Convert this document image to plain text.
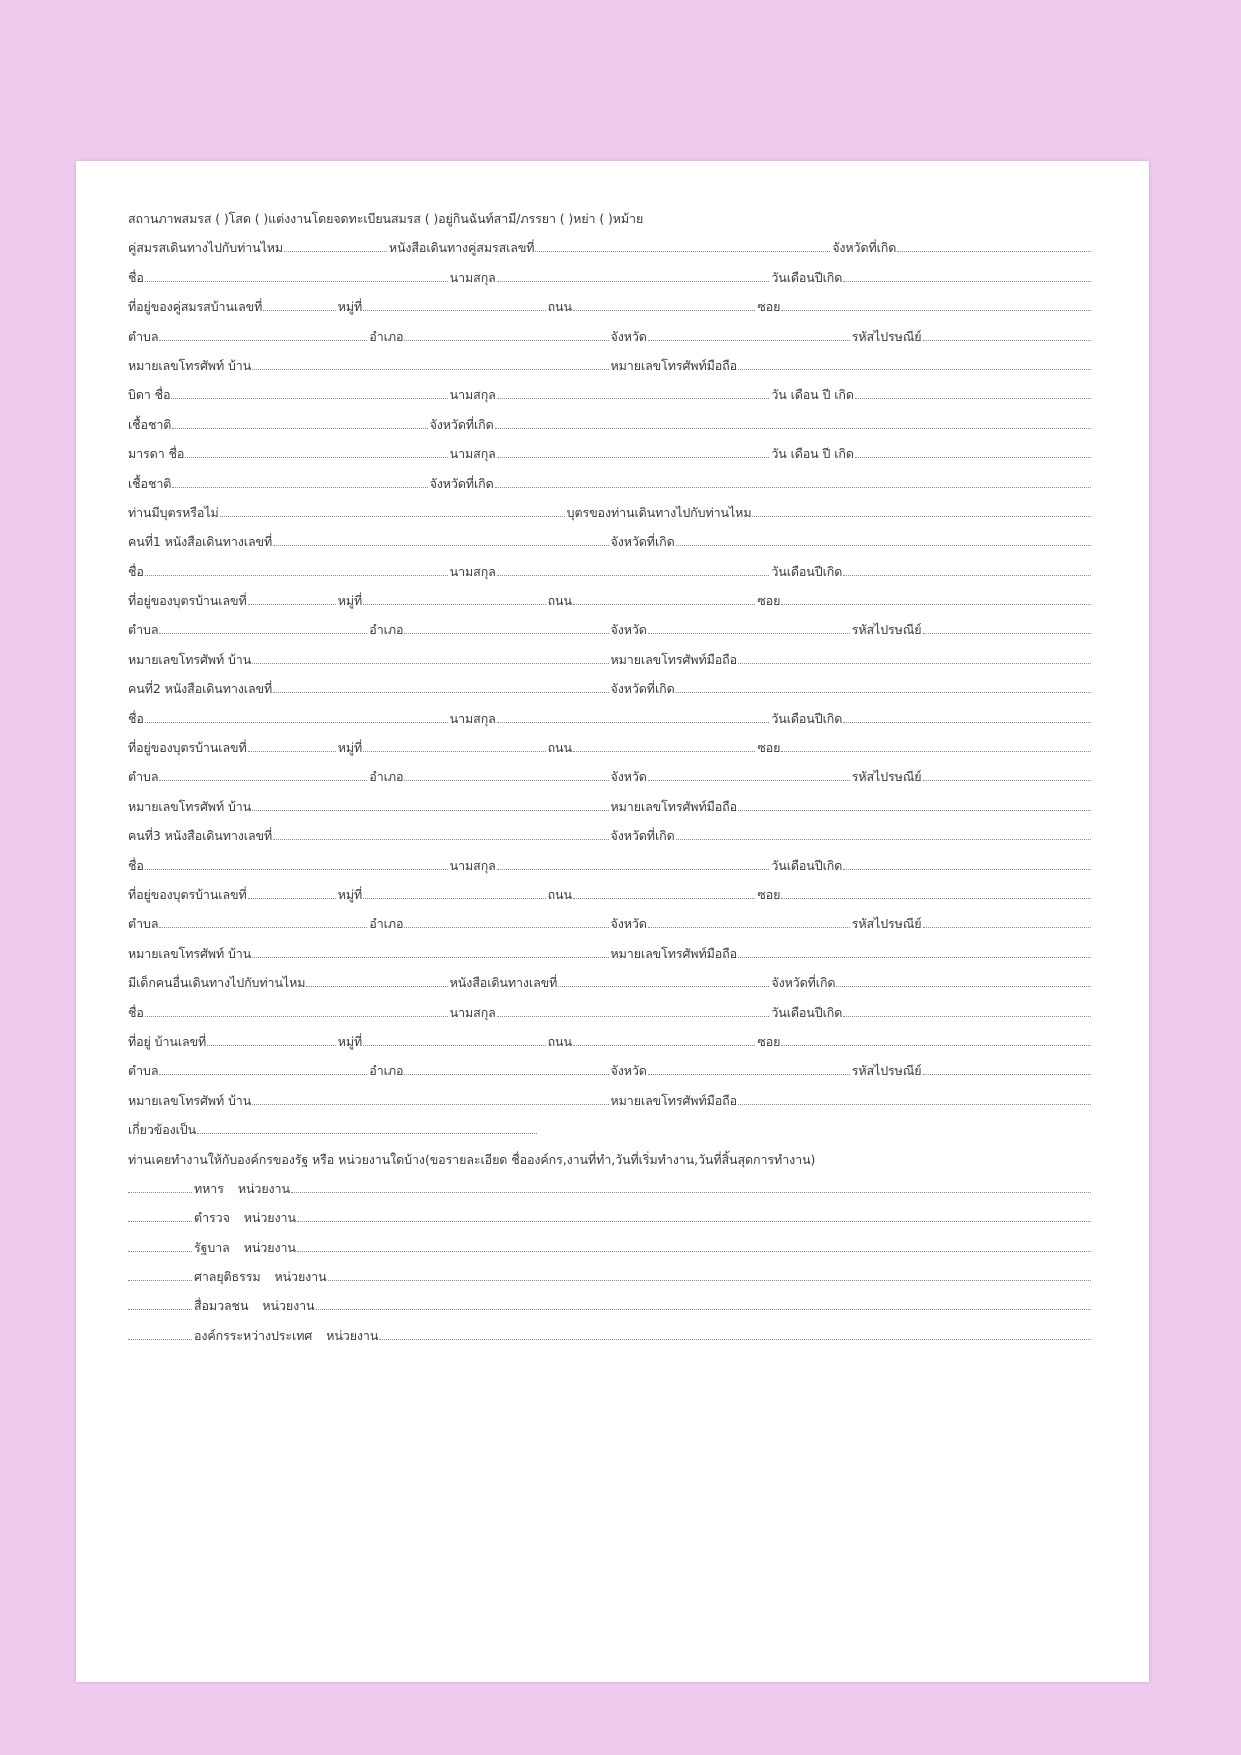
สถานภาพสมรส ( )โสด ( )แต่งงานโดยจดทะเบียนสมรส ( )อยู่กินฉันท์สามี/ภรรยา ( )หย่า ( )หม้าย
คู่สมรสเดินทางไปกับท่านไหม	หนังสือเดินทางคู่สมรสเลขที่	จังหวัดที่เกิด
ชื่อ	นามสกุล	วันเดือนปีเกิด
ที่อยู่ของคู่สมรสบ้านเลขที่	หมู่ที่	ถนน	ซอย
ตำบล	อำเภอ	จังหวัด	รหัสไปรษณีย์
หมายเลขโทรศัพท์ บ้าน	หมายเลขโทรศัพท์มือถือ
บิดา ชื่อ	นามสกุล	วัน เดือน ปี เกิด
เชื้อชาติ	จังหวัดที่เกิด
มารดา ชื่อ	นามสกุล	วัน เดือน ปี เกิด
เชื้อชาติ	จังหวัดที่เกิด
ท่านมีบุตรหรือไม่	บุตรของท่านเดินทางไปกับท่านไหม
คนที่1 หนังสือเดินทางเลขที่	จังหวัดที่เกิด
ชื่อ	นามสกุล	วันเดือนปีเกิด
ที่อยู่ของบุตรบ้านเลขที่	หมู่ที่	ถนน	ซอย
ตำบล	อำเภอ	จังหวัด	รหัสไปรษณีย์
หมายเลขโทรศัพท์ บ้าน	หมายเลขโทรศัพท์มือถือ
คนที่2 หนังสือเดินทางเลขที่	จังหวัดที่เกิด
ชื่อ	นามสกุล	วันเดือนปีเกิด
ที่อยู่ของบุตรบ้านเลขที่	หมู่ที่	ถนน	ซอย
ตำบล	อำเภอ	จังหวัด	รหัสไปรษณีย์
หมายเลขโทรศัพท์ บ้าน	หมายเลขโทรศัพท์มือถือ
คนที่3 หนังสือเดินทางเลขที่	จังหวัดที่เกิด
ชื่อ	นามสกุล	วันเดือนปีเกิด
ที่อยู่ของบุตรบ้านเลขที่	หมู่ที่	ถนน	ซอย
ตำบล	อำเภอ	จังหวัด	รหัสไปรษณีย์
หมายเลขโทรศัพท์ บ้าน	หมายเลขโทรศัพท์มือถือ
มีเด็กคนอื่นเดินทางไปกับท่านไหม	หนังสือเดินทางเลขที่	จังหวัดที่เกิด
ชื่อ	นามสกุล	วันเดือนปีเกิด
ที่อยู่ บ้านเลขที่	หมู่ที่	ถนน	ซอย
ตำบล	อำเภอ	จังหวัด	รหัสไปรษณีย์
หมายเลขโทรศัพท์ บ้าน	หมายเลขโทรศัพท์มือถือ
เกี่ยวข้องเป็น
ท่านเคยทำงานให้กับองค์กรของรัฐ หรือ หน่วยงานใดบ้าง(ขอรายละเอียด ชื่อองค์กร,งานที่ทำ,วันที่เริ่มทำงาน,วันที่สิ้นสุดการทำงาน)
ทหาร หน่วยงาน
ตำรวจ หน่วยงาน
รัฐบาล หน่วยงาน
ศาลยุติธรรม หน่วยงาน
สื่อมวลชน หน่วยงาน
องค์กรระหว่างประเทศ หน่วยงาน
